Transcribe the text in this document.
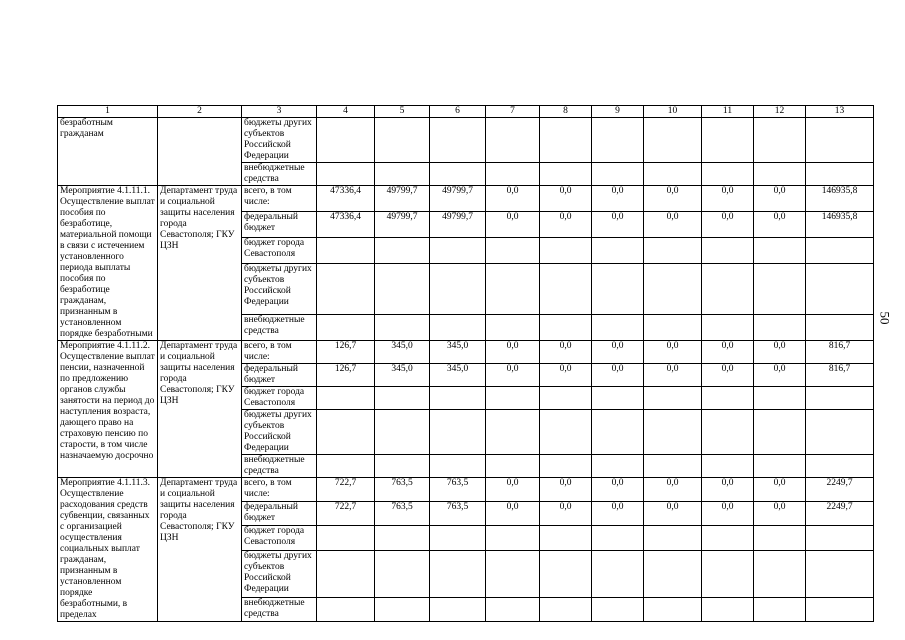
1	2	3	4	5	6	7	8	9	10	11	12	13
безработным гражданам		бюджеты других субъектов Российской Федерации										
		внебюджетные средства										
Мероприятие 4.1.11.1. Осуществление выплат пособия по безработице, материальной помощи в связи с истечением установленного периода выплаты пособия по безработице гражданам, признанным в установленном порядке безработными	Департамент труда и социальной защиты населения города Севастополя; ГКУ ЦЗН	всего, в том числе:	47336,4	49799,7	49799,7	0,0	0,0	0,0	0,0	0,0	0,0	146935,8
		федеральный бюджет	47336,4	49799,7	49799,7	0,0	0,0	0,0	0,0	0,0	0,0	146935,8
		бюджет города Севастополя										
		бюджеты других субъектов Российской Федерации										
		внебюджетные средства										
Мероприятие 4.1.11.2. Осуществление выплат пенсии, назначенной по предложению органов службы занятости на период до наступления возраста, дающего право на страховую пенсию по старости, в том числе назначаемую досрочно	Департамент труда и социальной защиты населения города Севастополя; ГКУ ЦЗН	всего, в том числе:	126,7	345,0	345,0	0,0	0,0	0,0	0,0	0,0	0,0	816,7
		федеральный бюджет	126,7	345,0	345,0	0,0	0,0	0,0	0,0	0,0	0,0	816,7
		бюджет города Севастополя										
		бюджеты других субъектов Российской Федерации										
		внебюджетные средства										
Мероприятие 4.1.11.3. Осуществление расходования средств субвенции, связанных с организацией осуществления социальных выплат гражданам, признанным в установленном порядке безработными, в пределах	Департамент труда и социальной защиты населения города Севастополя; ГКУ ЦЗН	всего, в том числе:	722,7	763,5	763,5	0,0	0,0	0,0	0,0	0,0	0,0	2249,7
		федеральный бюджет	722,7	763,5	763,5	0,0	0,0	0,0	0,0	0,0	0,0	2249,7
		бюджет города Севастополя										
		бюджеты других субъектов Российской Федерации										
		внебюджетные средства										
50
